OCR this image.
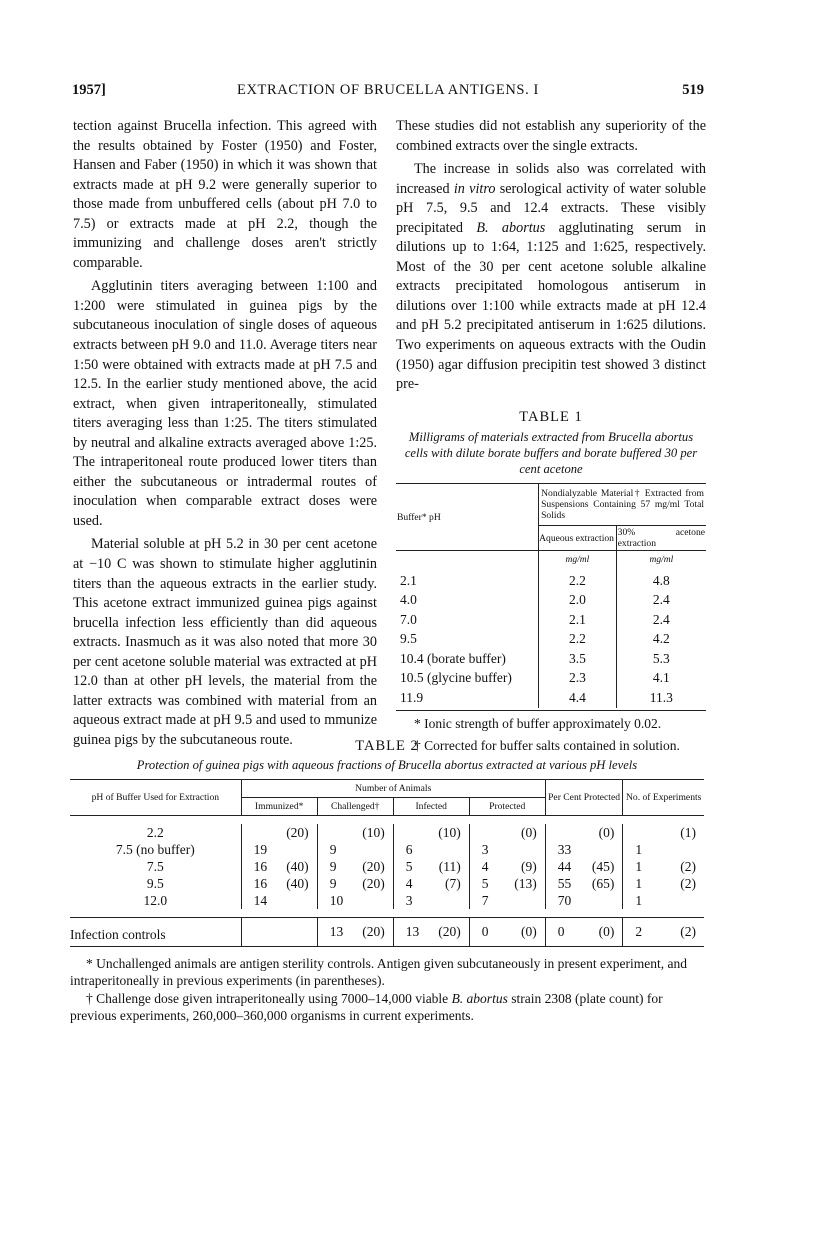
1957]	EXTRACTION OF BRUCELLA ANTIGENS. I	519

tection against Brucella infection. This agreed with the results obtained by Foster (1950) and Foster, Hansen and Faber (1950) in which it was shown that extracts made at pH 9.2 were generally superior to those made from unbuffered cells (about pH 7.0 to 7.5) or extracts made at pH 2.2, though the immunizing and challenge doses aren't strictly comparable.

Agglutinin titers averaging between 1:100 and 1:200 were stimulated in guinea pigs by the subcutaneous inoculation of single doses of aqueous extracts between pH 9.0 and 11.0. Average titers near 1:50 were obtained with extracts made at pH 7.5 and 12.5. In the earlier study mentioned above, the acid extract, when given intraperitoneally, stimulated titers averaging less than 1:25. The titers stimulated by neutral and alkaline extracts averaged above 1:25. The intraperitoneal route produced lower titers than either the subcutaneous or intradermal routes of inoculation when comparable extract doses were used.

Material soluble at pH 5.2 in 30 per cent acetone at −10 C was shown to stimulate higher agglutinin titers than the aqueous extracts in the earlier study. This acetone extract immunized guinea pigs against brucella infection less efficiently than did aqueous extracts. Inasmuch as it was also noted that more 30 per cent acetone soluble material was extracted at pH 12.0 than at other pH levels, the material from the latter extracts was combined with material from an aqueous extract made at pH 9.5 and used to mmunize guinea pigs by the subcutaneous route.

These studies did not establish any superiority of the combined extracts over the single extracts.

The increase in solids also was correlated with increased in vitro serological activity of water soluble pH 7.5, 9.5 and 12.4 extracts. These visibly precipitated B. abortus agglutinating serum in dilutions up to 1:64, 1:125 and 1:625, respectively. Most of the 30 per cent acetone soluble alkaline extracts precipitated homologous antiserum in dilutions over 1:100 while extracts made at pH 12.4 and pH 5.2 precipitated antiserum in 1:625 dilutions. Two experiments on aqueous extracts with the Oudin (1950) agar diffusion precipitin test showed 3 distinct pre-

TABLE 1
Milligrams of materials extracted from Brucella abortus cells with dilute borate buffers and borate buffered 30 per cent acetone
Buffer* pH	Nondialyzable Material† Extracted from Suspensions Containing 57 mg/ml Total Solids	
	Aqueous extraction	30% acetone extraction
	mg/ml	mg/ml
2.1	2.2	4.8
4.0	2.0	2.4
7.0	2.1	2.4
9.5	2.2	4.2
10.4 (borate buffer)	3.5	5.3
10.5 (glycine buffer)	2.3	4.1
11.9	4.4	11.3

* Ionic strength of buffer approximately 0.02.

† Corrected for buffer salts contained in solution.

TABLE 2
Protection of guinea pigs with aqueous fractions of Brucella abortus extracted at various pH levels
pH of Buffer Used for Extraction	Number of Animals								Per Cent Protected		No. of Experiments	
	Immunized*		Challenged†		Infected		Protected					

2.2		(20)		(10)		(10)		(0)		(0)		(1)
7.5 (no buffer)	19		9		6		3		33		1	
7.5	16	(40)	9	(20)	5	(11)	4	(9)	44	(45)	1	(2)
9.5	16	(40)	9	(20)	4	(7)	5	(13)	55	(65)	1	(2)
12.0	14		10		3		7		70		1	

Infection controls			13	(20)	13	(20)	0	(0)	0	(0)	2	(2)

* Unchallenged animals are antigen sterility controls. Antigen given subcutaneously in present experiment, and intraperitoneally in previous experiments (in parentheses).

† Challenge dose given intraperitoneally using 7000–14,000 viable B. abortus strain 2308 (plate count) for previous experiments, 260,000–360,000 organisms in current experiments.
